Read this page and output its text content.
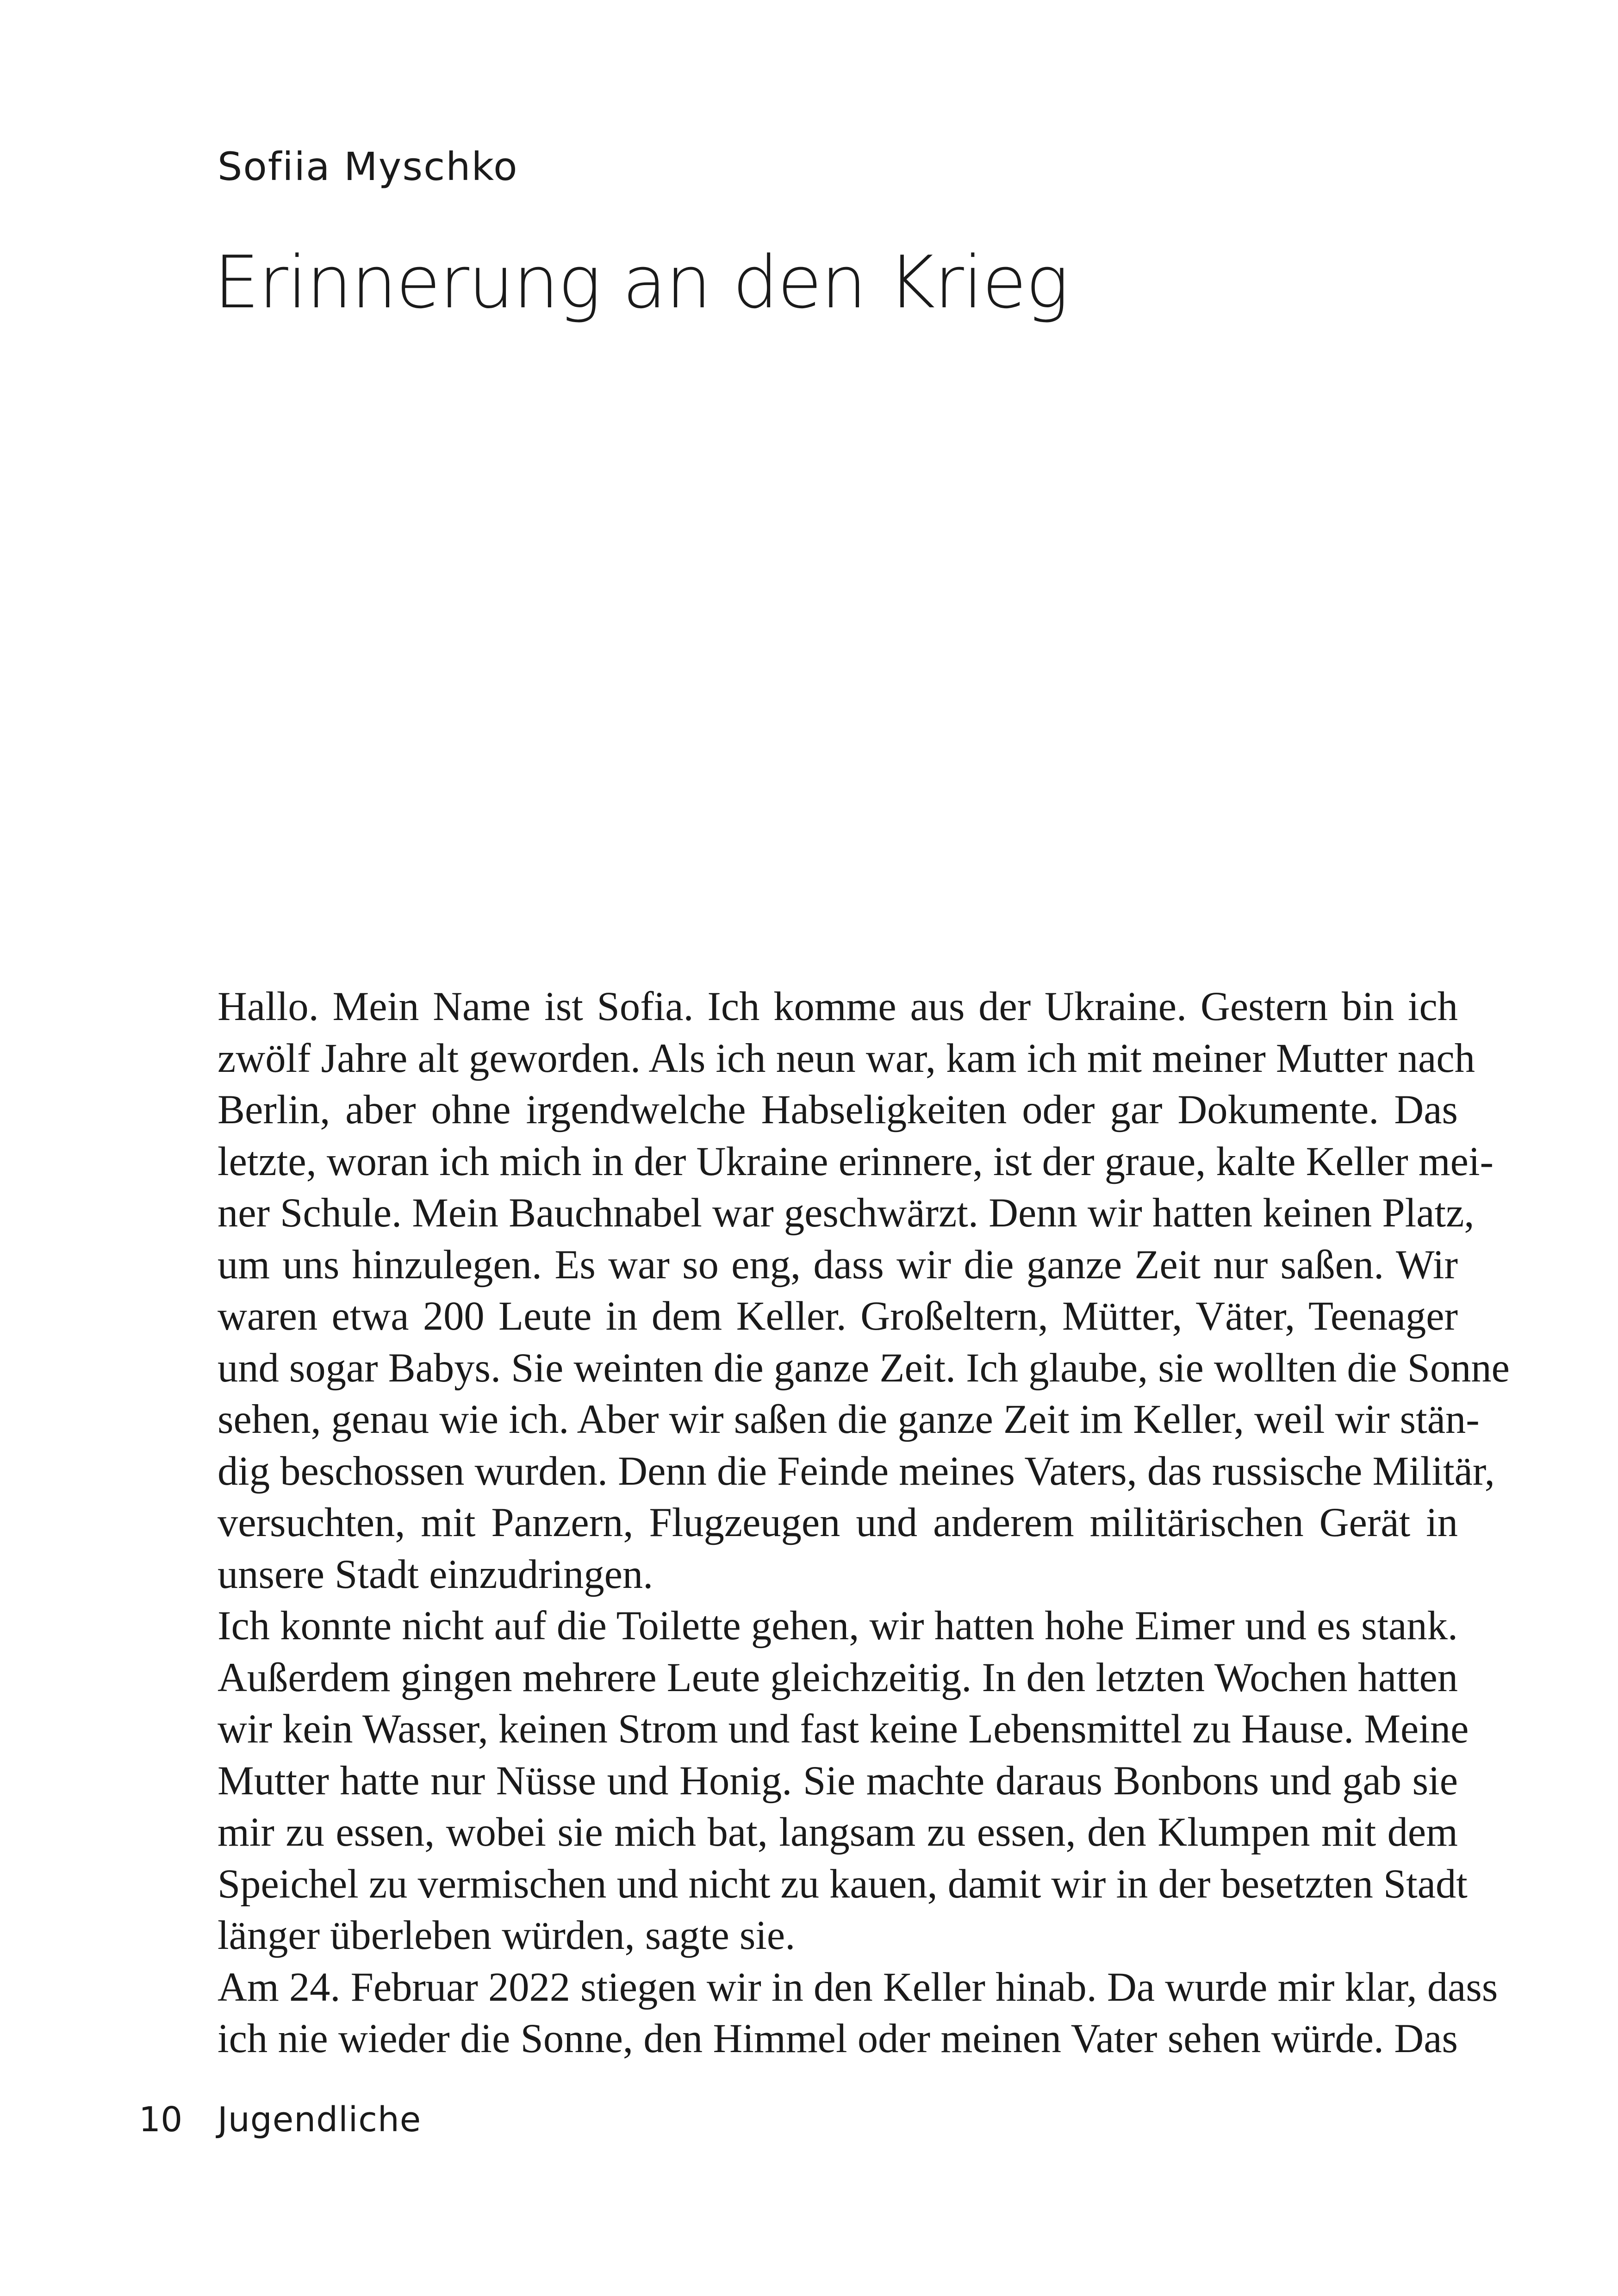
Sofiia Myschko
Erinnerung an den Krieg

Hallo. Mein Name ist Sofia. Ich komme aus der Ukraine. Gestern bin ich
zwölf Jahre alt geworden. Als ich neun war, kam ich mit meiner Mutter nach
Berlin, aber ohne irgendwelche Habseligkeiten oder gar Dokumente. Das
letzte, woran ich mich in der Ukraine erinnere, ist der graue, kalte Keller mei-
ner Schule. Mein Bauchnabel war geschwärzt. Denn wir hatten keinen Platz,
um uns hinzulegen. Es war so eng, dass wir die ganze Zeit nur saßen. Wir
waren etwa 200 Leute in dem Keller. Großeltern, Mütter, Väter, Teenager
und sogar Babys. Sie weinten die ganze Zeit. Ich glaube, sie wollten die Sonne
sehen, genau wie ich. Aber wir saßen die ganze Zeit im Keller, weil wir stän-
dig beschossen wurden. Denn die Feinde meines Vaters, das russische Militär,
versuchten, mit Panzern, Flugzeugen und anderem militärischen Gerät in
unsere Stadt einzudringen.

Ich konnte nicht auf die Toilette gehen, wir hatten hohe Eimer und es stank.
Außerdem gingen mehrere Leute gleichzeitig. In den letzten Wochen hatten
wir kein Wasser, keinen Strom und fast keine Lebensmittel zu Hause. Meine
Mutter hatte nur Nüsse und Honig. Sie machte daraus Bonbons und gab sie
mir zu essen, wobei sie mich bat, langsam zu essen, den Klumpen mit dem
Speichel zu vermischen und nicht zu kauen, damit wir in der besetzten Stadt
länger überleben würden, sagte sie.

Am 24. Februar 2022 stiegen wir in den Keller hinab. Da wurde mir klar, dass
ich nie wieder die Sonne, den Himmel oder meinen Vater sehen würde. Das

10	Jugendliche
